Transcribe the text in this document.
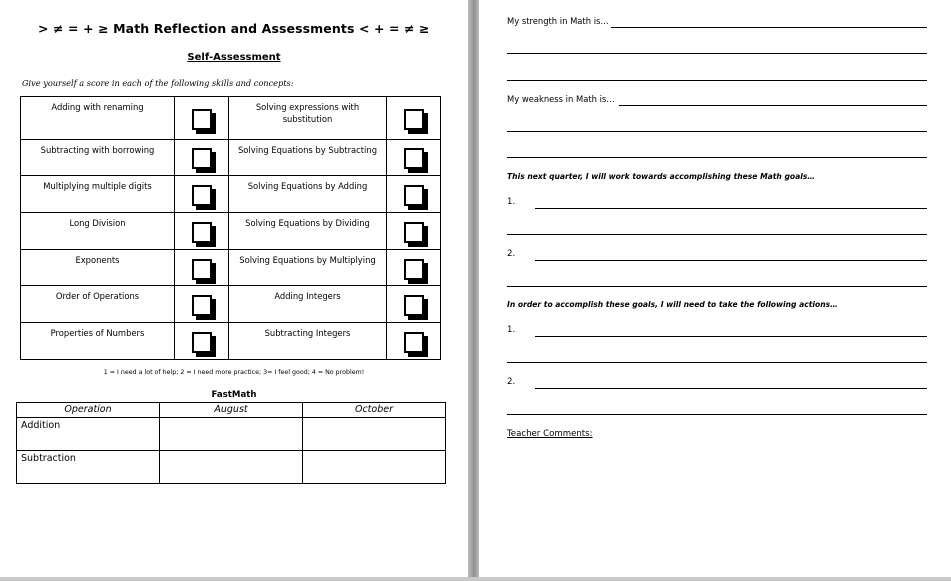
> ≠ = + ≥ Math Reflection and Assessments < + = ≠ ≥
Self-Assessment
Give yourself a score in each of the following skills and concepts:
Adding with renaming		Solving expressions with substitution	

Subtracting with borrowing		Solving Equations by Subtracting	

Multiplying multiple digits		Solving Equations by Adding	

Long Division		Solving Equations by Dividing	

Exponents		Solving Equations by Multiplying	

Order of Operations		Adding Integers	

Properties of Numbers		Subtracting Integers	
1 = I need a lot of help; 2 = I need more practice; 3= I feel good; 4 = No problem!
FastMath
Operation	August	October
Addition		
Subtraction		
My strength in Math is…
My weakness in Math is…
This next quarter, I will work towards accomplishing these Math goals…
1.
2.
In order to accomplish these goals, I will need to take the following actions…
1.
2.
Teacher Comments:
